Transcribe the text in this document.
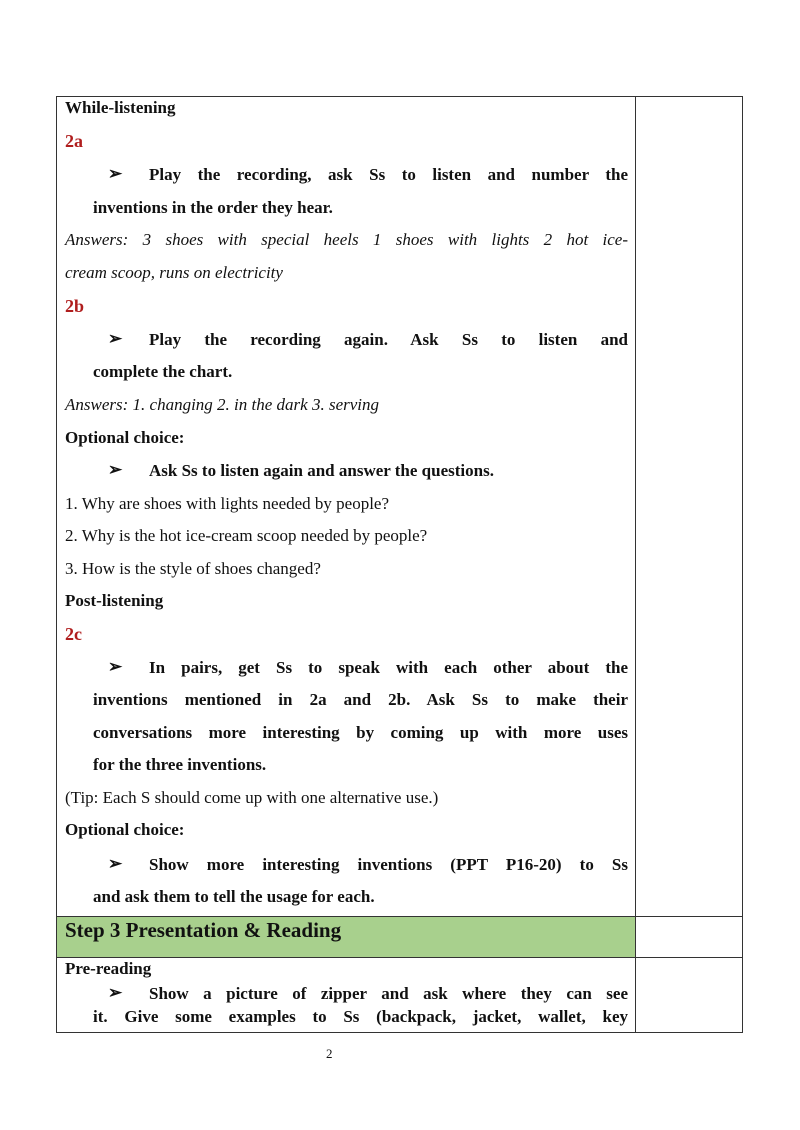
While-listening
2a
➢ Play the recording, ask Ss to listen and number the
inventions in the order they hear.
Answers: 3 shoes with special heels 1 shoes with lights 2 hot ice-
cream scoop, runs on electricity
2b
➢ Play the recording again. Ask Ss to listen and
complete the chart.
Answers: 1. changing 2. in the dark 3. serving
Optional choice:
➢ Ask Ss to listen again and answer the questions.
1. Why are shoes with lights needed by people?
2. Why is the hot ice-cream scoop needed by people?
3. How is the style of shoes changed?
Post-listening
2c
➢ In pairs, get Ss to speak with each other about the
inventions mentioned in 2a and 2b. Ask Ss to make their
conversations more interesting by coming up with more uses
for the three inventions.
(Tip: Each S should come up with one alternative use.)
Optional choice:
➢ Show more interesting inventions (PPT P16-20) to Ss
and ask them to tell the usage for each.
Step 3 Presentation & Reading
Pre-reading
➢ Show a picture of zipper and ask where they can see
it. Give some examples to Ss (backpack, jacket, wallet, key
2
